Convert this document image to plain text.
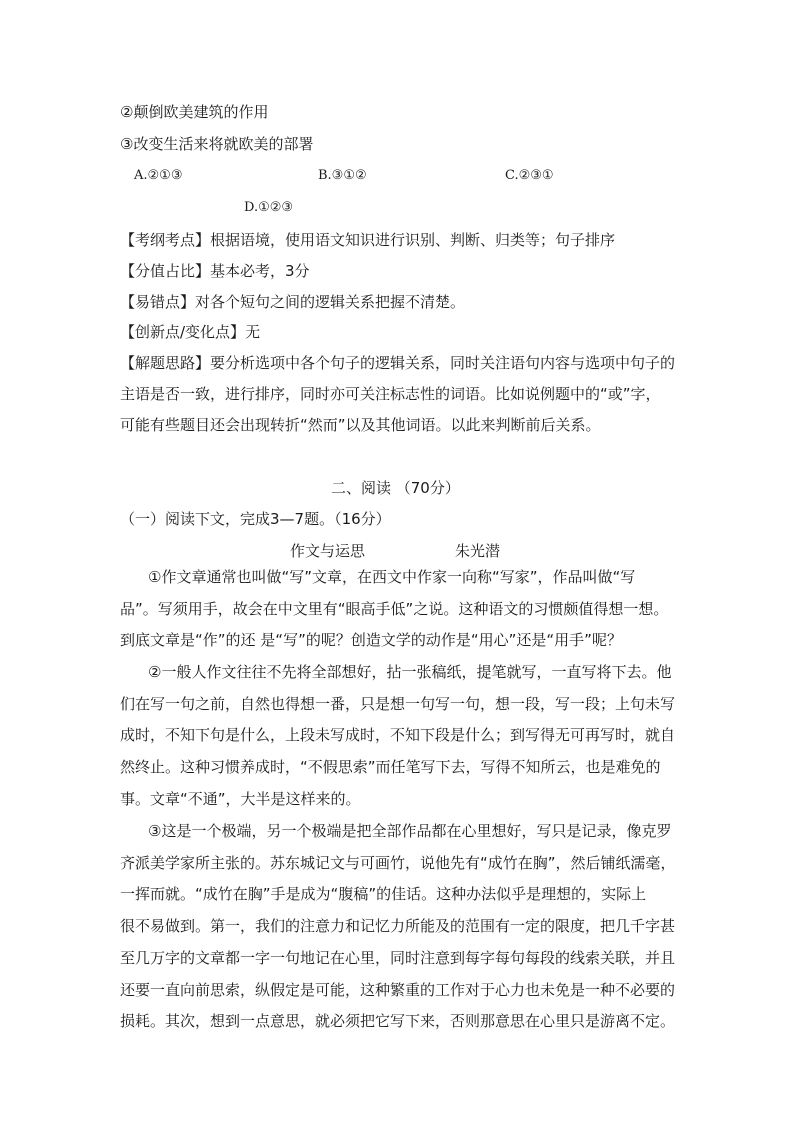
②颠倒欧美建筑的作用
③改变生活来将就欧美的部署
A.②①③	B.③①②	C.②③①
D.①②③
【考纲考点】根据语境，使用语文知识进行识别、判断、归类等；句子排序
【分值占比】基本必考，3分
【易错点】对各个短句之间的逻辑关系把握不清楚。
【创新点/变化点】无
【解题思路】要分析选项中各个句子的逻辑关系，同时关注语句内容与选项中句子的
主语是否一致，进行排序，同时亦可关注标志性的词语。比如说例题中的“或”字，
可能有些题目还会出现转折“然而”以及其他词语。以此来判断前后关系。
二、阅读 （70分）
（一）阅读下文，完成3—7题。（16分）
作文与运思	朱光潜
①作文章通常也叫做“写”文章，在西文中作家一向称“写家”，作品叫做“写
品”。写须用手，故会在中文里有“眼高手低”之说。这种语文的习惯颇值得想一想。
到底文章是“作”的还 是“写”的呢？创造文学的动作是“用心”还是“用手”呢？
②一般人作文往往不先将全部想好，拈一张稿纸，提笔就写，一直写将下去。他
们在写一句之前，自然也得想一番，只是想一句写一句，想一段，写一段；上句未写
成时，不知下句是什么，上段未写成时，不知下段是什么；到写得无可再写时，就自
然终止。这种习惯养成时，“不假思索”而任笔写下去，写得不知所云，也是难免的
事。文章“不通”，大半是这样来的。
③这是一个极端，另一个极端是把全部作品都在心里想好，写只是记录，像克罗
齐派美学家所主张的。苏东城记文与可画竹，说他先有“成竹在胸”，然后铺纸濡毫，
一挥而就。“成竹在胸”手是成为“腹稿”的佳话。这种办法似乎是理想的，实际上
很不易做到。第一，我们的注意力和记忆力所能及的范围有一定的限度，把几千字甚
至几万字的文章都一字一句地记在心里，同时注意到每字每句每段的线索关联，并且
还要一直向前思索，纵假定是可能，这种繁重的工作对于心力也未免是一种不必要的
损耗。其次，想到一点意思，就必须把它写下来，否则那意思在心里只是游离不定。
